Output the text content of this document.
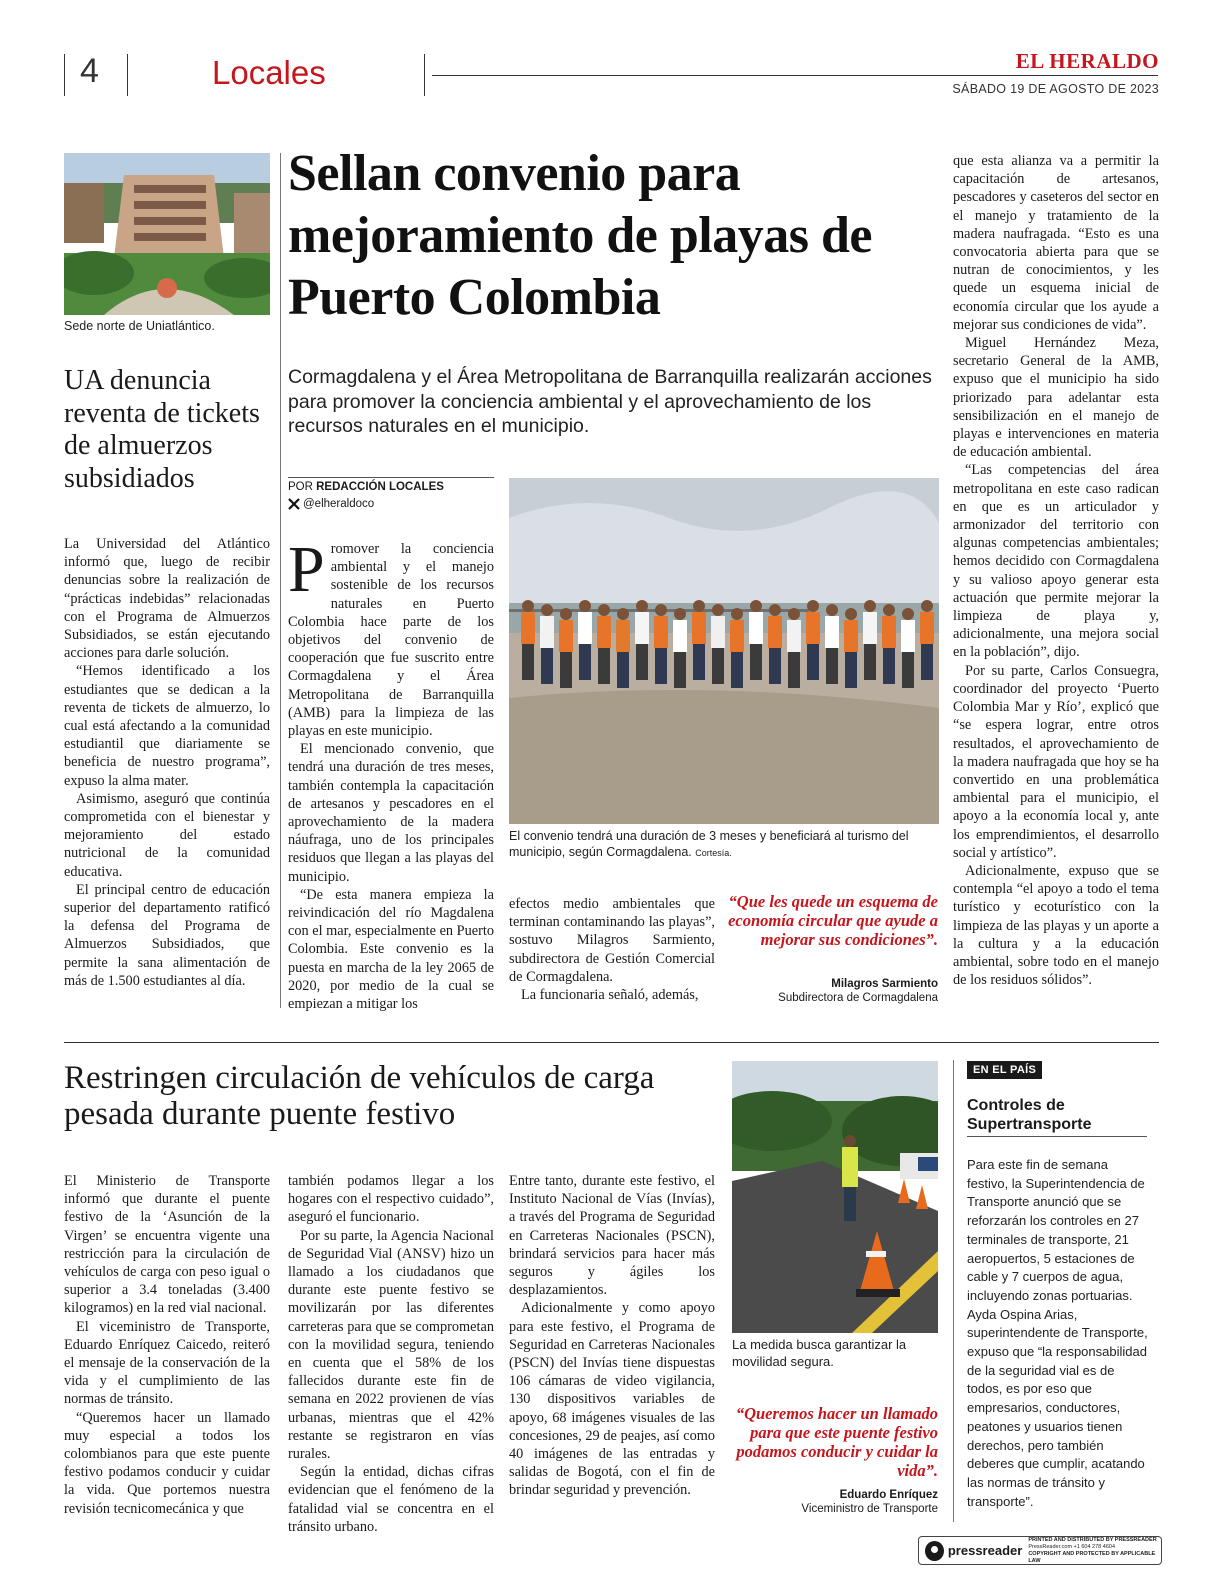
4	Locales	EL HERALDO
SÁBADO 19 DE AGOSTO DE 2023
Sede norte de Uniatlántico.
UA denuncia reventa de tickets de almuerzos subsidiados

La Universidad del Atlántico informó que, luego de recibir denuncias sobre la realización de “prácticas indebidas” relacionadas con el Programa de Almuerzos Subsidiados, se están ejecutando acciones para darle solución.

“Hemos identificado a los estudiantes que se dedican a la reventa de tickets de almuerzo, lo cual está afectando a la comunidad estudiantil que diariamente se beneficia de nuestro programa”, expuso la alma mater.

Asimismo, aseguró que continúa comprometida con el bienestar y mejoramiento del estado nutricional de la comunidad educativa.

El principal centro de educación superior del departamento ratificó la defensa del Programa de Almuerzos Subsidiados, que permite la sana alimentación de más de 1.500 estudiantes al día.

Sellan convenio para mejoramiento de playas de Puerto Colombia
Cormagdalena y el Área Metropolitana de Barranquilla realizarán acciones para promover la conciencia ambiental y el aprovechamiento de los recursos naturales en el municipio.
POR REDACCIÓN LOCALES
@elheraldoco
P romover la conciencia ambiental y el manejo sostenible de los recursos naturales en Puerto Colombia hace parte de los objetivos del convenio de cooperación que fue suscrito entre Cormagdalena y el Área Metropolitana de Barranquilla (AMB) para la limpieza de las playas en este municipio.

El mencionado convenio, que tendrá una duración de tres meses, también contempla la capacitación de artesanos y pescadores en el aprovechamiento de la madera náufraga, uno de los principales residuos que llegan a las playas del municipio.

“De esta manera empieza la reivindicación del río Magdalena con el mar, especialmente en Puerto Colombia. Este convenio es la puesta en marcha de la ley 2065 de 2020, por medio de la cual se empiezan a mitigar los

El convenio tendrá una duración de 3 meses y beneficiará al turismo del municipio, según Cormagdalena. Cortesía.

efectos medio ambientales que terminan contaminando las playas”, sostuvo Milagros Sarmiento, subdirectora de Gestión Comercial de Cormagdalena.

La funcionaria señaló, además,

“Que les quede un esquema de economía circular que ayude a mejorar sus condiciones”.
Milagros Sarmiento
Subdirectora de Cormagdalena

que esta alianza va a permitir la capacitación de artesanos, pescadores y caseteros del sector en el manejo y tratamiento de la madera naufragada. “Esto es una convocatoria abierta para que se nutran de conocimientos, y les quede un esquema inicial de economía circular que los ayude a mejorar sus condiciones de vida”.

Miguel Hernández Meza, secretario General de la AMB, expuso que el municipio ha sido priorizado para adelantar esta sensibilización en el manejo de playas e intervenciones en materia de educación ambiental.

“Las competencias del área metropolitana en este caso radican en que es un articulador y armonizador del territorio con algunas competencias ambientales; hemos decidido con Cormagdalena y su valioso apoyo generar esta actuación que permite mejorar la limpieza de playa y, adicionalmente, una mejora social en la población”, dijo.

Por su parte, Carlos Consuegra, coordinador del proyecto ‘Puerto Colombia Mar y Río’, explicó que “se espera lograr, entre otros resultados, el aprovechamiento de la madera naufragada que hoy se ha convertido en una problemática ambiental para el municipio, el apoyo a la economía local y, ante los emprendimientos, el desarrollo social y artístico”.

Adicionalmente, expuso que se contempla “el apoyo a todo el tema turístico y ecoturístico con la limpieza de las playas y un aporte a la cultura y a la educación ambiental, sobre todo en el manejo de los residuos sólidos”.

Restringen circulación de vehículos de carga pesada durante puente festivo

El Ministerio de Transporte informó que durante el puente festivo de la ‘Asunción de la Virgen’ se encuentra vigente una restricción para la circulación de vehículos de carga con peso igual o superior a 3.4 toneladas (3.400 kilogramos) en la red vial nacional.

El viceministro de Transporte, Eduardo Enríquez Caicedo, reiteró el mensaje de la conservación de la vida y el cumplimiento de las normas de tránsito.

“Queremos hacer un llamado muy especial a todos los colombianos para que este puente festivo podamos conducir y cuidar la vida. Que portemos nuestra revisión tecnicomecánica y que

también podamos llegar a los hogares con el respectivo cuidado”, aseguró el funcionario.

Por su parte, la Agencia Nacional de Seguridad Vial (ANSV) hizo un llamado a los ciudadanos que durante este puente festivo se movilizarán por las diferentes carreteras para que se comprometan con la movilidad segura, teniendo en cuenta que el 58% de los fallecidos durante este fin de semana en 2022 provienen de vías urbanas, mientras que el 42% restante se registraron en vías rurales.

Según la entidad, dichas cifras evidencian que el fenómeno de la fatalidad vial se concentra en el tránsito urbano.

Entre tanto, durante este festivo, el Instituto Nacional de Vías (Invías), a través del Programa de Seguridad en Carreteras Nacionales (PSCN), brindará servicios para hacer más seguros y ágiles los desplazamientos.

Adicionalmente y como apoyo para este festivo, el Programa de Seguridad en Carreteras Nacionales (PSCN) del Invías tiene dispuestas 106 cámaras de video vigilancia, 130 dispositivos variables de apoyo, 68 imágenes visuales de las concesiones, 29 de peajes, así como 40 imágenes de las entradas y salidas de Bogotá, con el fin de brindar seguridad y prevención.

La medida busca garantizar la movilidad segura.
“Queremos hacer un llamado para que este puente festivo podamos conducir y cuidar la vida”.
Eduardo Enríquez
Viceministro de Transporte
EN EL PAÍS
Controles de Supertransporte

Para este fin de semana festivo, la Superintendencia de Transporte anunció que se reforzarán los controles en 27 terminales de transporte, 21 aeropuertos, 5 estaciones de cable y 7 cuerpos de agua, incluyendo zonas portuarias.

Ayda Ospina Arias, superintendente de Transporte, expuso que “la responsabilidad de la seguridad vial es de todos, es por eso que empresarios, conductores, peatones y usuarios tienen derechos, pero también deberes que cumplir, acatando las normas de tránsito y transporte”.

pressreader
PRINTED AND DISTRIBUTED BY PRESSREADER
PressReader.com +1 604 278 4604
COPYRIGHT AND PROTECTED BY APPLICABLE LAW
